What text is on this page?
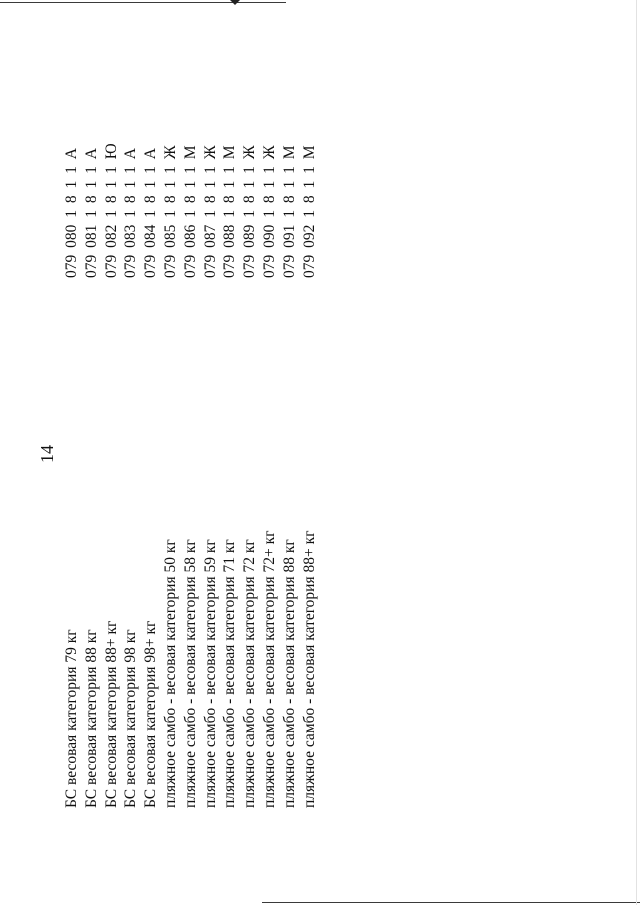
14
БС весовая категория 79 кг
079 080 1 8 1 1 А
БС весовая категория 88 кг
079 081 1 8 1 1 А
БС весовая категория 88+ кг
079 082 1 8 1 1 Ю
БС весовая категория 98 кг
079 083 1 8 1 1 А
БС весовая категория 98+ кг
079 084 1 8 1 1 А
пляжное самбо - весовая категория 50 кг
079 085 1 8 1 1 Ж
пляжное самбо - весовая категория 58 кг
079 086 1 8 1 1 М
пляжное самбо - весовая категория 59 кг
079 087 1 8 1 1 Ж
пляжное самбо - весовая категория 71 кг
079 088 1 8 1 1 М
пляжное самбо - весовая категория 72 кг
079 089 1 8 1 1 Ж
пляжное самбо - весовая категория 72+ кг
079 090 1 8 1 1 Ж
пляжное самбо - весовая категория 88 кг
079 091 1 8 1 1 М
пляжное самбо - весовая категория 88+ кг
079 092 1 8 1 1 М
